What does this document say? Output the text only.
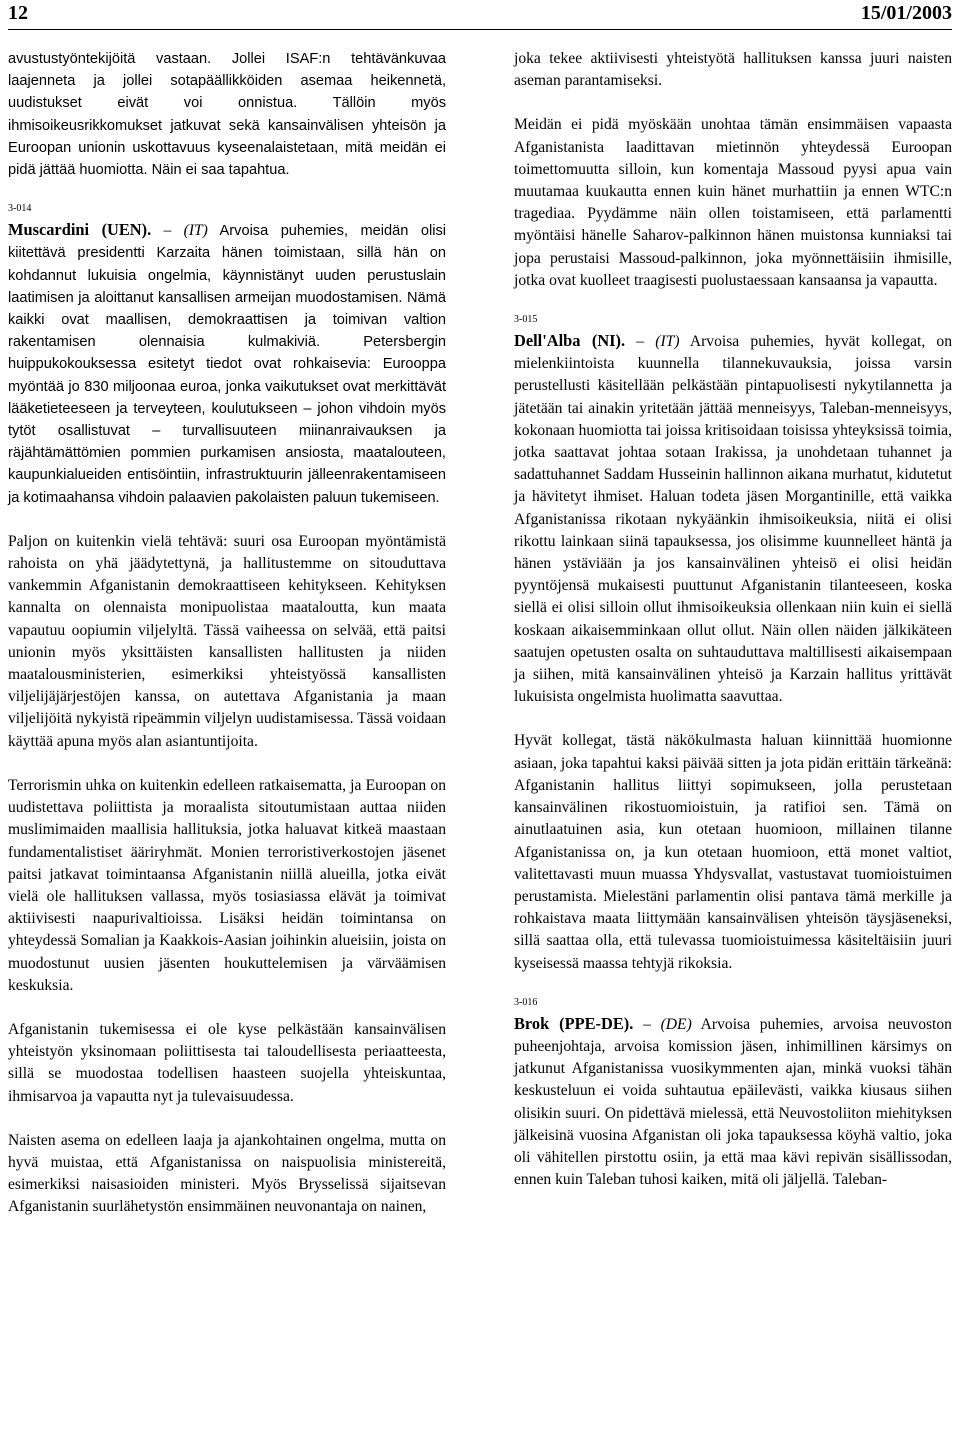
12	15/01/2003

avustustyöntekijöitä vastaan. Jollei ISAF:n tehtävänkuvaa laajenneta ja jollei sotapäällikköiden asemaa heikennetä, uudistukset eivät voi onnistua. Tällöin myös ihmisoikeusrikkomukset jatkuvat sekä kansainvälisen yhteisön ja Euroopan unionin uskottavuus kyseenalaistetaan, mitä meidän ei pidä jättää huomiotta. Näin ei saa tapahtua.

3-014

Muscardini (UEN). – (IT) Arvoisa puhemies, meidän olisi kiitettävä presidentti Karzaita hänen toimistaan, sillä hän on kohdannut lukuisia ongelmia, käynnistänyt uuden perustuslain laatimisen ja aloittanut kansallisen armeijan muodostamisen. Nämä kaikki ovat maallisen, demokraattisen ja toimivan valtion rakentamisen olennaisia kulmakiviä. Petersbergin huippukokouksessa esitetyt tiedot ovat rohkaisevia: Eurooppa myöntää jo 830 miljoonaa euroa, jonka vaikutukset ovat merkittävät lääketieteeseen ja terveyteen, koulutukseen – johon vihdoin myös tytöt osallistuvat – turvallisuuteen miinanraivauksen ja räjähtämättömien pommien purkamisen ansiosta, maatalouteen, kaupunkialueiden entisöintiin, infrastruktuurin jälleenrakentamiseen ja kotimaahansa vihdoin palaavien pakolaisten paluun tukemiseen.

Paljon on kuitenkin vielä tehtävä: suuri osa Euroopan myöntämistä rahoista on yhä jäädytettynä, ja hallitustemme on sitouduttava vankemmin Afganistanin demokraattiseen kehitykseen. Kehityksen kannalta on olennaista monipuolistaa maataloutta, kun maata vapautuu oopiumin viljelyltä. Tässä vaiheessa on selvää, että paitsi unionin myös yksittäisten kansallisten hallitusten ja niiden maatalousministerien, esimerkiksi yhteistyössä kansallisten viljelijäjärjestöjen kanssa, on autettava Afganistania ja maan viljelijöitä nykyistä ripeämmin viljelyn uudistamisessa. Tässä voidaan käyttää apuna myös alan asiantuntijoita.

Terrorismin uhka on kuitenkin edelleen ratkaisematta, ja Euroopan on uudistettava poliittista ja moraalista sitoutumistaan auttaa niiden muslimimaiden maallisia hallituksia, jotka haluavat kitkeä maastaan fundamentalistiset ääriryhmät. Monien terroristiverkostojen jäsenet paitsi jatkavat toimintaansa Afganistanin niillä alueilla, jotka eivät vielä ole hallituksen vallassa, myös tosiasiassa elävät ja toimivat aktiivisesti naapurivaltioissa. Lisäksi heidän toimintansa on yhteydessä Somalian ja Kaakkois-Aasian joihinkin alueisiin, joista on muodostunut uusien jäsenten houkuttelemisen ja värväämisen keskuksia.

Afganistanin tukemisessa ei ole kyse pelkästään kansainvälisen yhteistyön yksinomaan poliittisesta tai taloudellisesta periaatteesta, sillä se muodostaa todellisen haasteen suojella yhteiskuntaa, ihmisarvoa ja vapautta nyt ja tulevaisuudessa.

Naisten asema on edelleen laaja ja ajankohtainen ongelma, mutta on hyvä muistaa, että Afganistanissa on naispuolisia ministereitä, esimerkiksi naisasioiden ministeri. Myös Brysselissä sijaitsevan Afganistanin suurlähetystön ensimmäinen neuvonantaja on nainen,

joka tekee aktiivisesti yhteistyötä hallituksen kanssa juuri naisten aseman parantamiseksi.

Meidän ei pidä myöskään unohtaa tämän ensimmäisen vapaasta Afganistanista laadittavan mietinnön yhteydessä Euroopan toimettomuutta silloin, kun komentaja Massoud pyysi apua vain muutamaa kuukautta ennen kuin hänet murhattiin ja ennen WTC:n tragediaa. Pyydämme näin ollen toistamiseen, että parlamentti myöntäisi hänelle Saharov-palkinnon hänen muistonsa kunniaksi tai jopa perustaisi Massoud-palkinnon, joka myönnettäisiin ihmisille, jotka ovat kuolleet traagisesti puolustaessaan kansaansa ja vapautta.

3-015

Dell'Alba (NI). – (IT) Arvoisa puhemies, hyvät kollegat, on mielenkiintoista kuunnella tilannekuvauksia, joissa varsin perustellusti käsitellään pelkästään pintapuolisesti nykytilannetta ja jätetään tai ainakin yritetään jättää menneisyys, Taleban-menneisyys, kokonaan huomiotta tai joissa kritisoidaan toisissa yhteyksissä toimia, jotka saattavat johtaa sotaan Irakissa, ja unohdetaan tuhannet ja sadattuhannet Saddam Husseinin hallinnon aikana murhatut, kidutetut ja hävitetyt ihmiset. Haluan todeta jäsen Morgantinille, että vaikka Afganistanissa rikotaan nykyäänkin ihmisoikeuksia, niitä ei olisi rikottu lainkaan siinä tapauksessa, jos olisimme kuunnelleet häntä ja hänen ystäviään ja jos kansainvälinen yhteisö ei olisi heidän pyyntöjensä mukaisesti puuttunut Afganistanin tilanteeseen, koska siellä ei olisi silloin ollut ihmisoikeuksia ollenkaan niin kuin ei siellä koskaan aikaisemminkaan ollut ollut. Näin ollen näiden jälkikäteen saatujen opetusten osalta on suhtauduttava maltillisesti aikaisempaan ja siihen, mitä kansainvälinen yhteisö ja Karzain hallitus yrittävät lukuisista ongelmista huolimatta saavuttaa.

Hyvät kollegat, tästä näkökulmasta haluan kiinnittää huomionne asiaan, joka tapahtui kaksi päivää sitten ja jota pidän erittäin tärkeänä: Afganistanin hallitus liittyi sopimukseen, jolla perustetaan kansainvälinen rikostuomioistuin, ja ratifioi sen. Tämä on ainutlaatuinen asia, kun otetaan huomioon, millainen tilanne Afganistanissa on, ja kun otetaan huomioon, että monet valtiot, valitettavasti muun muassa Yhdysvallat, vastustavat tuomioistuimen perustamista. Mielestäni parlamentin olisi pantava tämä merkille ja rohkaistava maata liittymään kansainvälisen yhteisön täysjäseneksi, sillä saattaa olla, että tulevassa tuomioistuimessa käsiteltäisiin juuri kyseisessä maassa tehtyjä rikoksia.

3-016

Brok (PPE-DE). – (DE) Arvoisa puhemies, arvoisa neuvoston puheenjohtaja, arvoisa komission jäsen, inhimillinen kärsimys on jatkunut Afganistanissa vuosikymmenten ajan, minkä vuoksi tähän keskusteluun ei voida suhtautua epäilevästi, vaikka kiusaus siihen olisikin suuri. On pidettävä mielessä, että Neuvostoliiton miehityksen jälkeisinä vuosina Afganistan oli joka tapauksessa köyhä valtio, joka oli vähitellen pirstottu osiin, ja että maa kävi repivän sisällissodan, ennen kuin Taleban tuhosi kaiken, mitä oli jäljellä. Taleban-
